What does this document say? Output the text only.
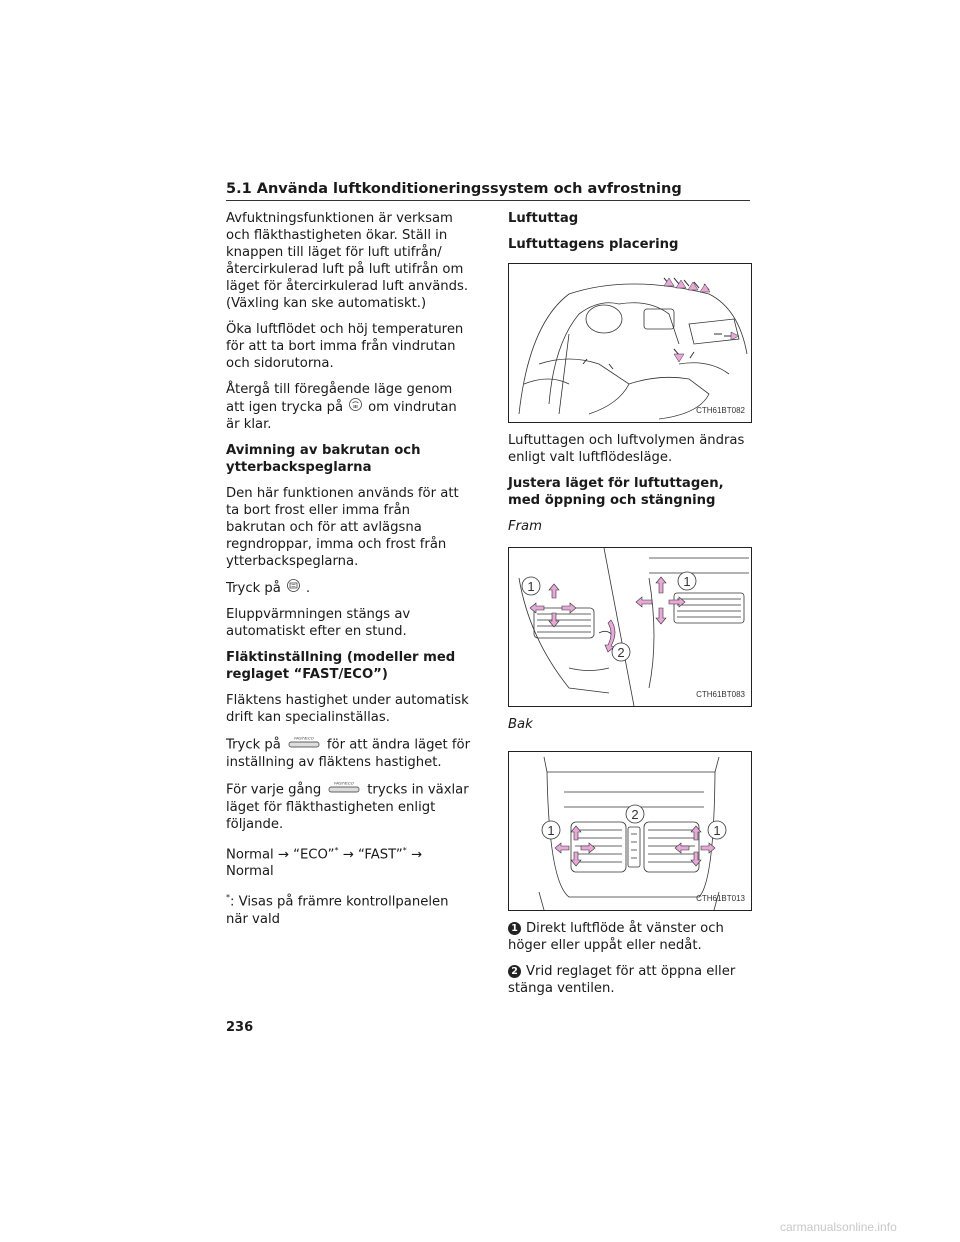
5.1 Använda luftkonditioneringssystem och avfrostning

Avfuktningsfunktionen är verksam och fläkthastigheten ökar. Ställ in knappen till läget för luft utifrån/återcirkulerad luft på luft utifrån om läget för återcirkulerad luft används. (Växling kan ske automatiskt.)

Öka luftflödet och höj temperaturen för att ta bort imma från vindrutan och sidorutorna.

Återgå till föregående läge genom att igen trycka på om vindrutan är klar.

Avimning av bakrutan och ytterbackspeglarna

Den här funktionen används för att ta bort frost eller imma från bakrutan och för att avlägsna regndroppar, imma och frost från ytterbackspeglarna.

Tryck på .

Eluppvärmningen stängs av automatiskt efter en stund.

Fläktinställning (modeller med reglaget “FAST/ECO”)

Fläktens hastighet under automatisk drift kan specialinställas.

Tryck på	FAST/ECO för att ändra läget för inställning av fläktens hastighet.

För varje gång	FAST/ECO trycks in växlar läget för fläkthastigheten enligt följande.

Normal → “ECO”* → “FAST”* → Normal

*: Visas på främre kontrollpanelen när vald

Luftuttag
Luftuttagens placering
CTH61BT082

Luftuttagen och luftvolymen ändras enligt valt luftflödesläge.

Justera läget för luftuttagen, med öppning och stängning

Fram

1	1
2
CTH61BT083

Bak

1
2
1
CTH61BT013

1 Direkt luftflöde åt vänster och höger eller uppåt eller nedåt.

2 Vrid reglaget för att öppna eller stänga ventilen.

236
carmanualsonline.info
